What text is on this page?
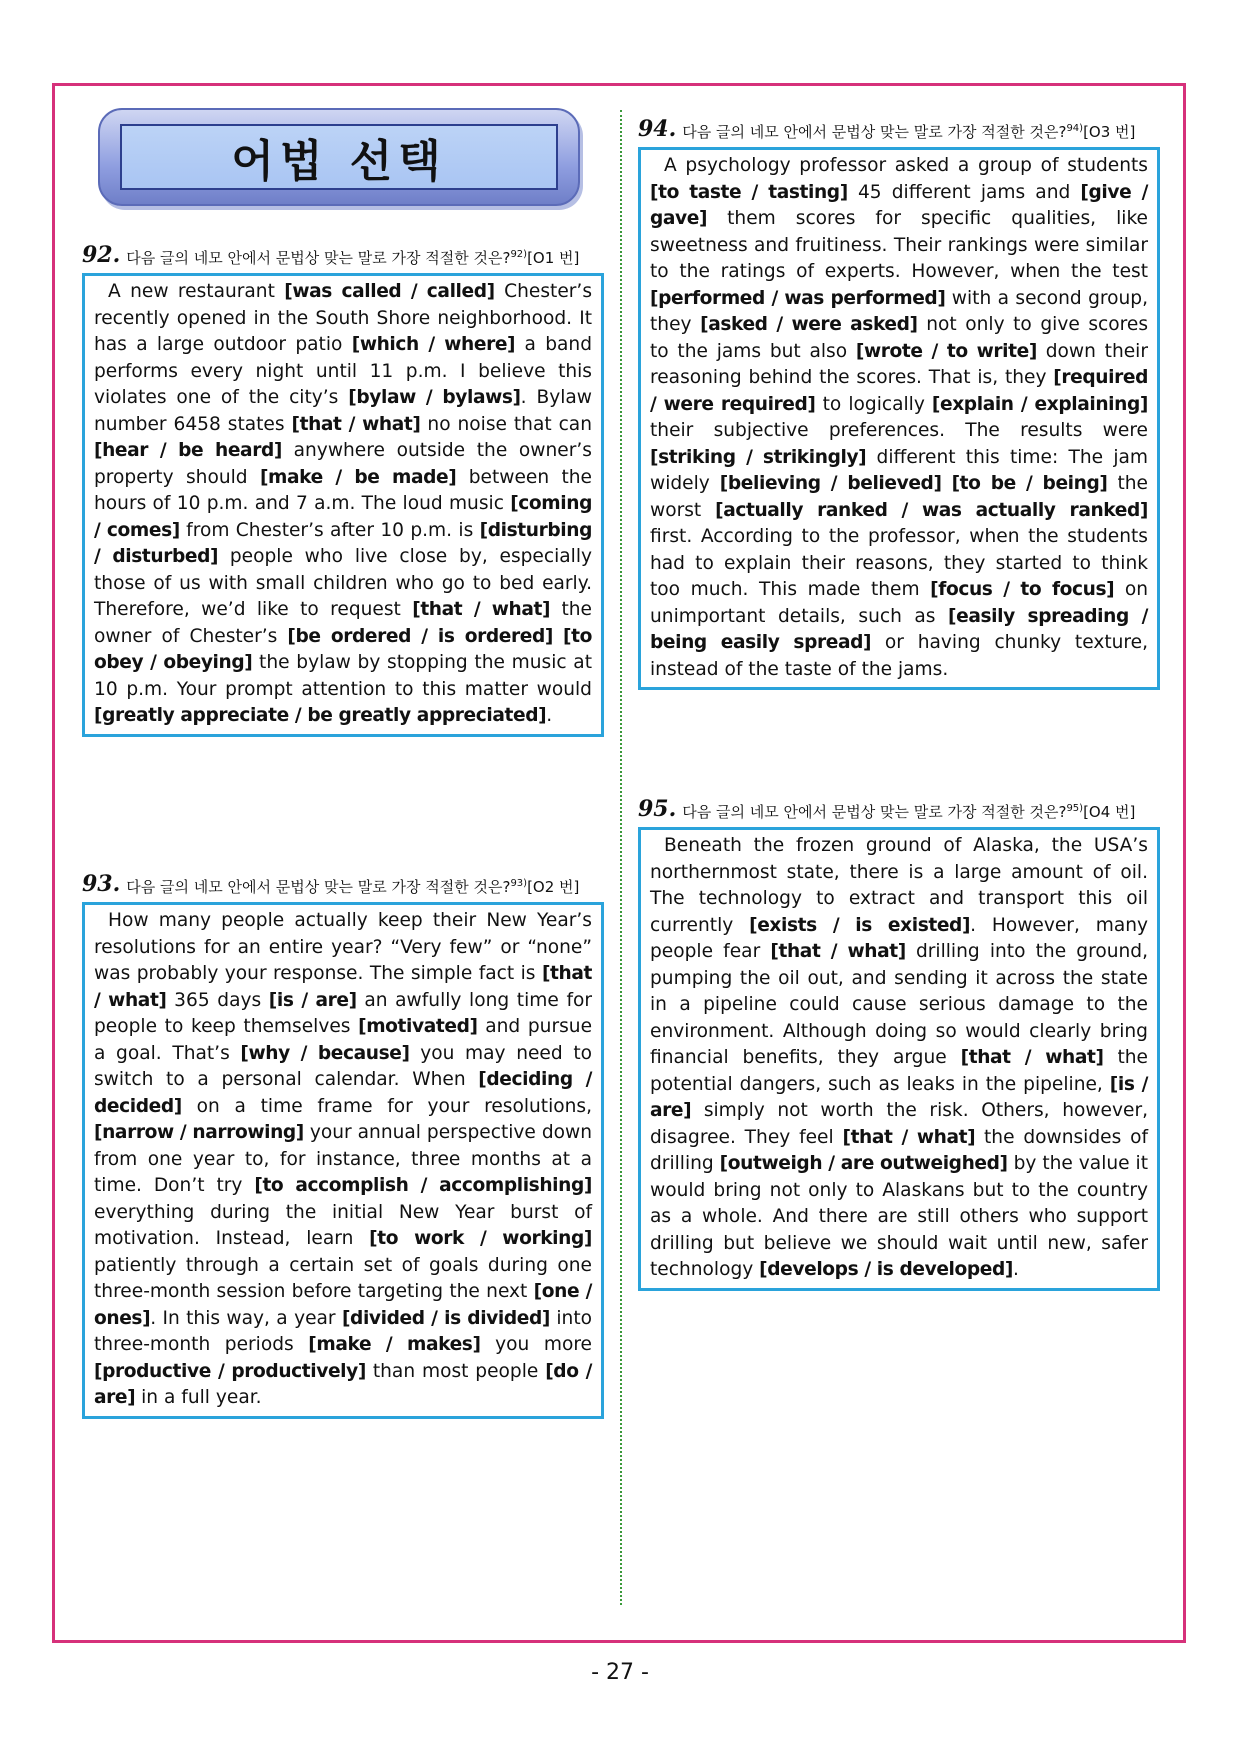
어법 선택
92. 다음 글의 네모 안에서 문법상 맞는 말로 가장 적절한 것은?$^{92)}$[O1 번]
A new restaurant [was called / called] Chester’s recently opened in the South Shore neighborhood. It has a large outdoor patio [which / where] a band performs every night until 11 p.m. I believe this violates one of the city’s [bylaw / bylaws]. Bylaw number 6458 states [that / what] no noise that can [hear / be heard] anywhere outside the owner’s property should [make / be made] between the hours of 10 p.m. and 7 a.m. The loud music [coming / comes] from Chester’s after 10 p.m. is [disturbing / disturbed] people who live close by, especially those of us with small children who go to bed early. Therefore, we’d like to request [that / what] the owner of Chester’s [be ordered / is ordered] [to obey / obeying] the bylaw by stopping the music at 10 p.m. Your prompt attention to this matter would [greatly appreciate / be greatly appreciated].
93. 다음 글의 네모 안에서 문법상 맞는 말로 가장 적절한 것은?$^{93)}$[O2 번]
How many people actually keep their New Year’s resolutions for an entire year? “Very few” or “none” was probably your response. The simple fact is [that / what] 365 days [is / are] an awfully long time for people to keep themselves [motivated] and pursue a goal. That’s [why / because] you may need to switch to a personal calendar. When [deciding / decided] on a time frame for your resolutions, [narrow / narrowing] your annual perspective down from one year to, for instance, three months at a time. Don’t try [to accomplish / accomplishing] everything during the initial New Year burst of motivation. Instead, learn [to work / working] patiently through a certain set of goals during one three-month session before targeting the next [one / ones]. In this way, a year [divided / is divided] into three-month periods [make / makes] you more [productive / productively] than most people [do / are] in a full year.
94. 다음 글의 네모 안에서 문법상 맞는 말로 가장 적절한 것은?$^{94)}$[O3 번]
A psychology professor asked a group of students [to taste / tasting] 45 different jams and [give / gave] them scores for specific qualities, like sweetness and fruitiness. Their rankings were similar to the ratings of experts. However, when the test [performed / was performed] with a second group, they [asked / were asked] not only to give scores to the jams but also [wrote / to write] down their reasoning behind the scores. That is, they [required / were required] to logically [explain / explaining] their subjective preferences. The results were [striking / strikingly] different this time: The jam widely [believing / believed] [to be / being] the worst [actually ranked / was actually ranked] first. According to the professor, when the students had to explain their reasons, they started to think too much. This made them [focus / to focus] on unimportant details, such as [easily spreading / being easily spread] or having chunky texture, instead of the taste of the jams.
95. 다음 글의 네모 안에서 문법상 맞는 말로 가장 적절한 것은?$^{95)}$[O4 번]
Beneath the frozen ground of Alaska, the USA’s northernmost state, there is a large amount of oil. The technology to extract and transport this oil currently [exists / is existed]. However, many people fear [that / what] drilling into the ground, pumping the oil out, and sending it across the state in a pipeline could cause serious damage to the environment. Although doing so would clearly bring financial benefits, they argue [that / what] the potential dangers, such as leaks in the pipeline, [is / are] simply not worth the risk. Others, however, disagree. They feel [that / what] the downsides of drilling [outweigh / are outweighed] by the value it would bring not only to Alaskans but to the country as a whole. And there are still others who support drilling but believe we should wait until new, safer technology [develops / is developed].
- 27 -
